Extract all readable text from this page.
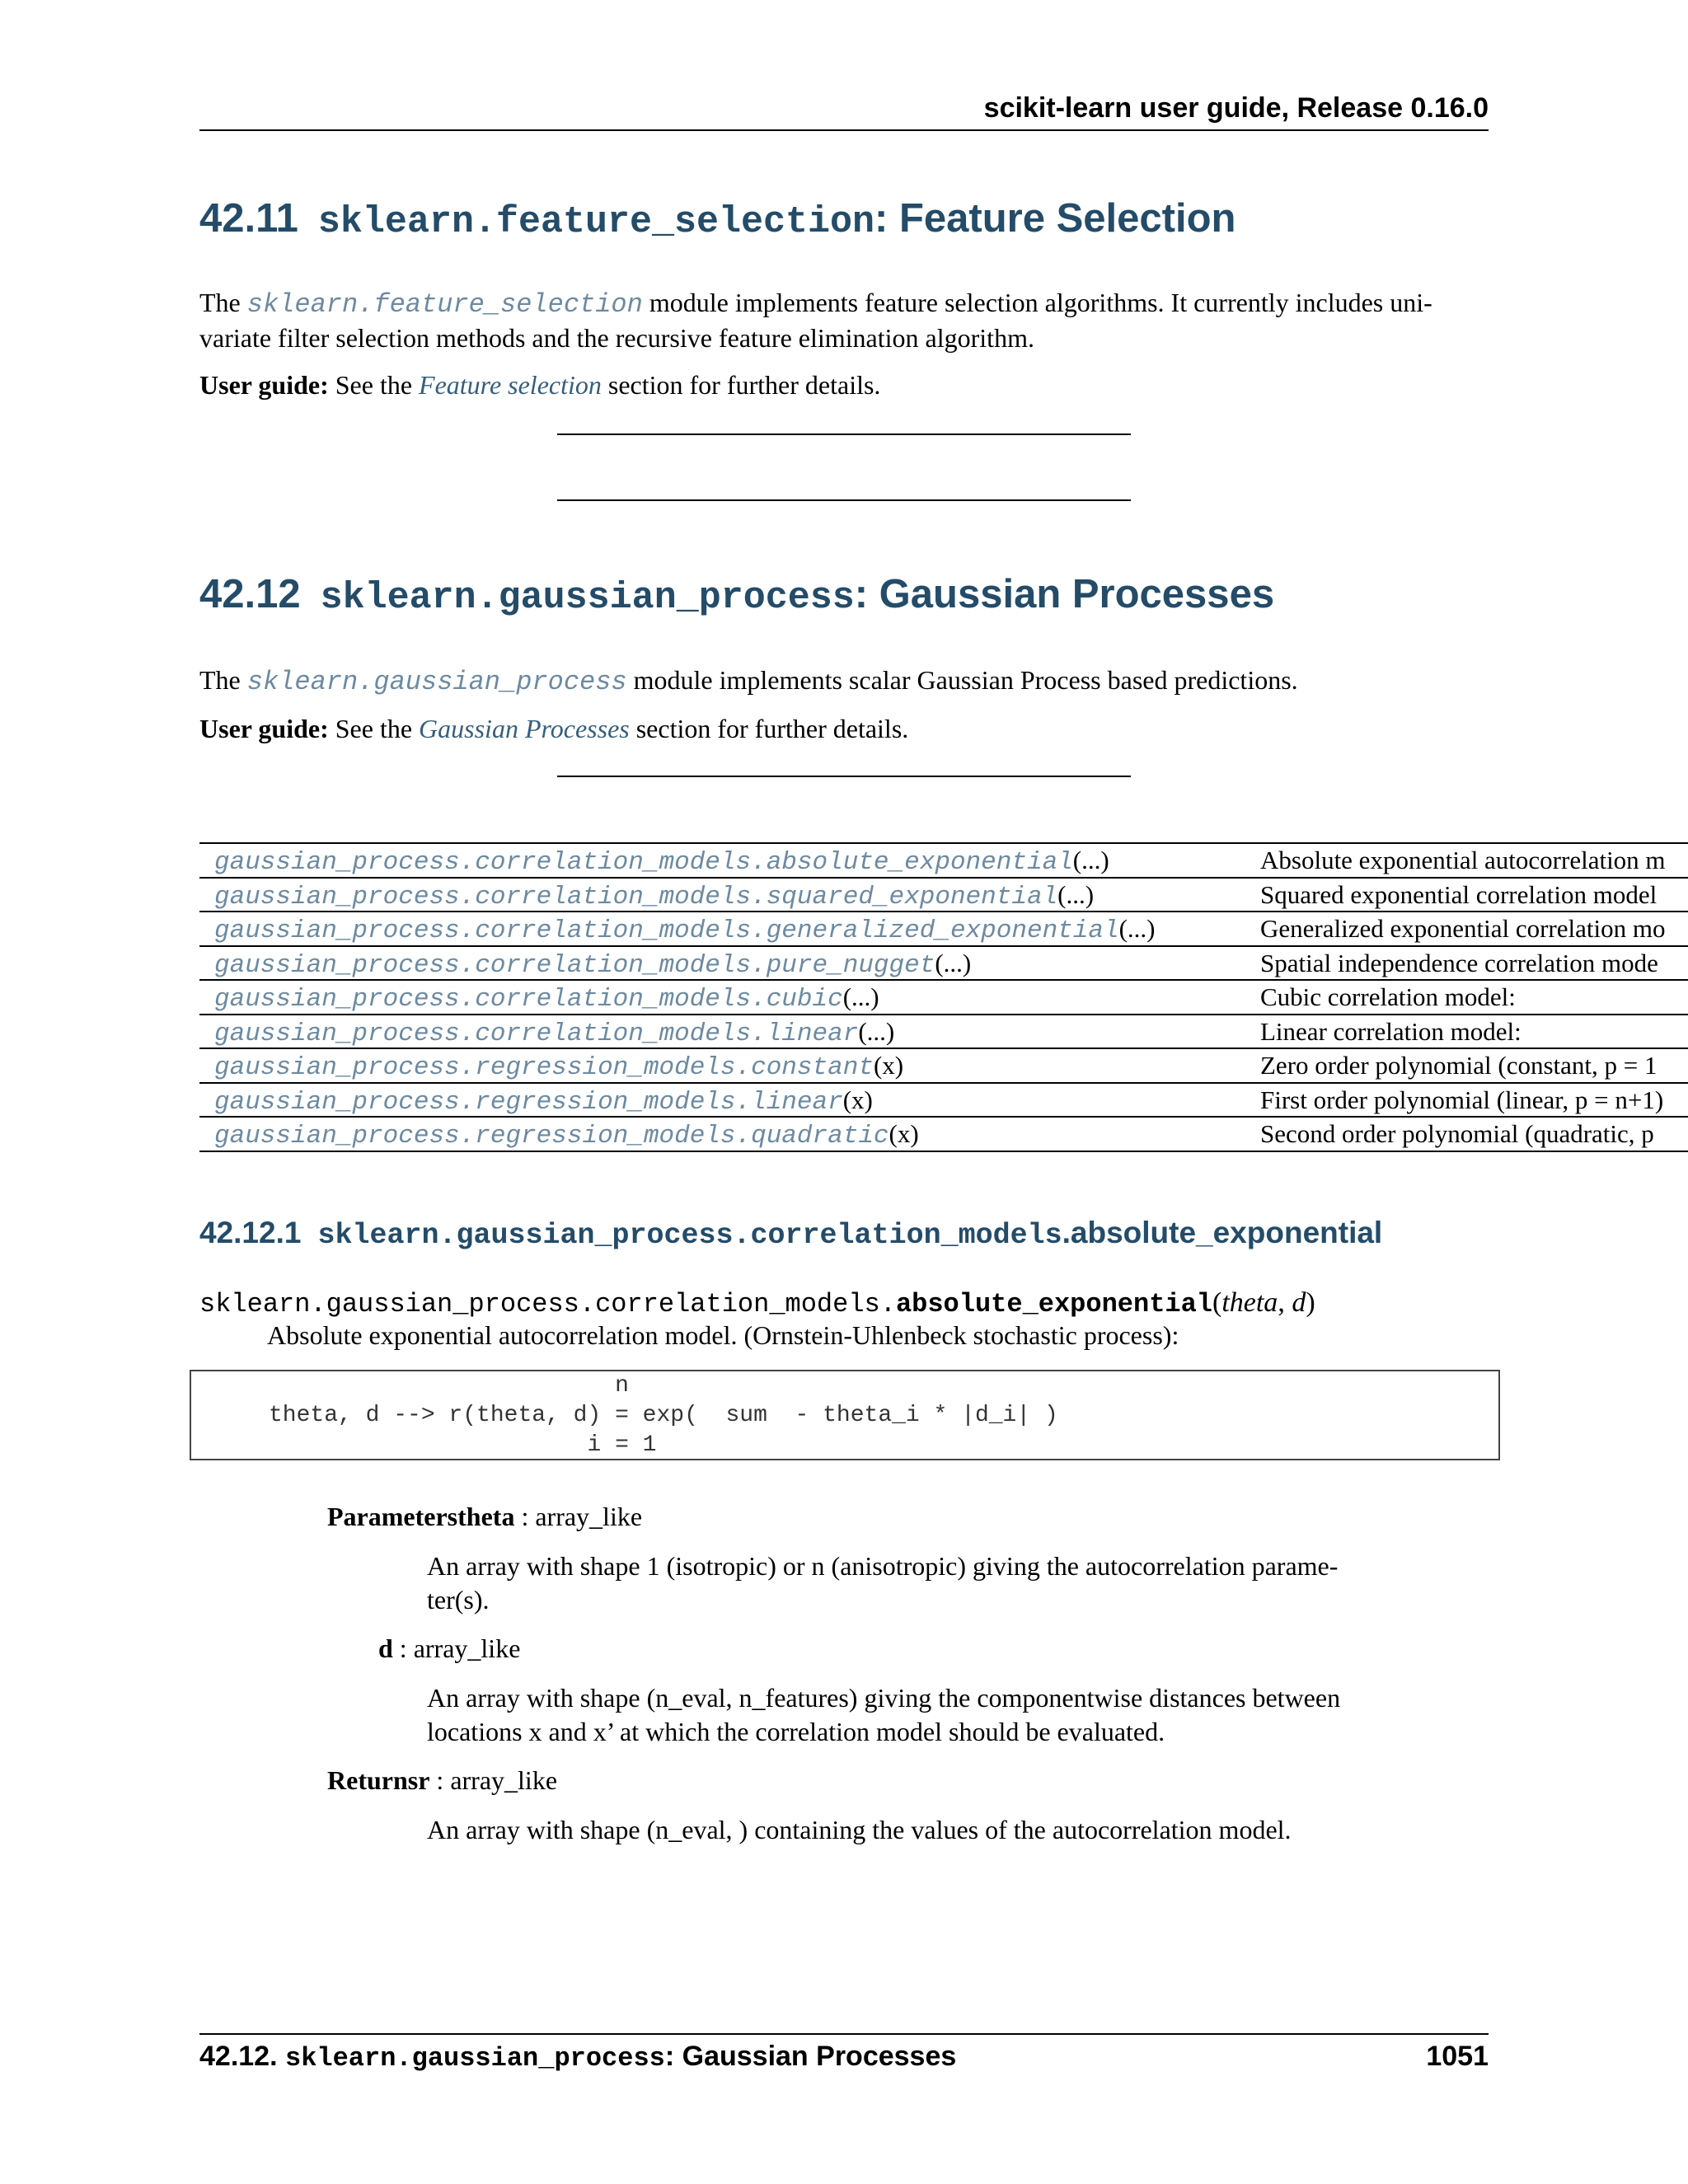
scikit-learn user guide, Release 0.16.0
42.11 sklearn.feature_selection: Feature Selection
The sklearn.feature_selection module implements feature selection algorithms. It currently includes uni-
variate filter selection methods and the recursive feature elimination algorithm.
User guide: See the Feature selection section for further details.
42.12 sklearn.gaussian_process: Gaussian Processes
The sklearn.gaussian_process module implements scalar Gaussian Process based predictions.
User guide: See the Gaussian Processes section for further details.
gaussian_process.correlation_models.absolute_exponential(...)	Absolute exponential autocorrelation m
gaussian_process.correlation_models.squared_exponential(...)	Squared exponential correlation model
gaussian_process.correlation_models.generalized_exponential(...)	Generalized exponential correlation mo
gaussian_process.correlation_models.pure_nugget(...)	Spatial independence correlation mode
gaussian_process.correlation_models.cubic(...)	Cubic correlation model:
gaussian_process.correlation_models.linear(...)	Linear correlation model:
gaussian_process.regression_models.constant(x)	Zero order polynomial (constant, p = 1
gaussian_process.regression_models.linear(x)	First order polynomial (linear, p = n+1)
gaussian_process.regression_models.quadratic(x)	Second order polynomial (quadratic, p
42.12.1 sklearn.gaussian_process.correlation_models.absolute_exponential
sklearn.gaussian_process.correlation_models.absolute_exponential(theta, d)
Absolute exponential autocorrelation model. (Ornstein-Uhlenbeck stochastic process):
n
theta, d --> r(theta, d) = exp(  sum  - theta_i * |d_i| )
i = 1
Parameterstheta : array_like
An array with shape 1 (isotropic) or n (anisotropic) giving the autocorrelation parame-
ter(s).
d : array_like
An array with shape (n_eval, n_features) giving the componentwise distances between
locations x and x’ at which the correlation model should be evaluated.
Returnsr : array_like
An array with shape (n_eval, ) containing the values of the autocorrelation model.
42.12. sklearn.gaussian_process: Gaussian Processes	1051
